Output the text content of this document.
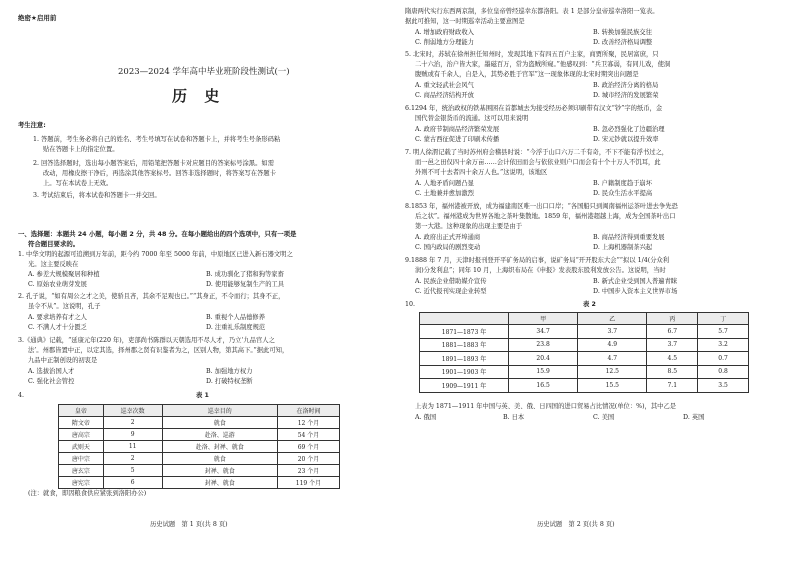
绝密★启用前
2023—2024 学年高中毕业班阶段性测试(一)
历 史
考生注意:
1. 答题前，考生务必将自己的姓名、考生号填写在试卷和答题卡上，并将考生号条形码粘
贴在答题卡上的指定位置。
2. 回答选择题时，选出每小题答案后，用铅笔把答题卡对应题目的答案标号涂黑。如需
改动，用橡皮擦干净后，再选涂其他答案标号。回答非选择题时，将答案写在答题卡
上。写在本试卷上无效。
3. 考试结束后，将本试卷和答题卡一并交回。
一、选择题：本题共 24 小题，每小题 2 分，共 48 分。在每小题给出的四个选项中，只有一项是
符合题目要求的。
1. 中华文明的起源可追溯到万年前，距今约 7000 年至 5000 年前，中原地区已进入新石器文明之
光。这主要反映在
A. 参差大规模聚居和种植	B. 成功驯化了猪和狗等家畜
C. 原始农业萌芽发展	D. 使用能够复制生产的工具
2. 孔子说，“如有周公之才之美，使骄且吝，其余不足观也已。”“其身正，不令而行；其身不正，
虽令不从”。这说明，孔子
A. 要求培养有才之人	B. 重视个人品德修养
C. 不满人才十分匮乏	D. 注重礼乐制度规范
3.《通典》记载，“延康元年(220 年)，吏部尚书陈群以天朝选用不尽人才，乃立‘九品官人之
法’。州郡皆置中正，以定其选，择州郡之贤有识鉴者为之，区别人物，第其高下。”据此可知，
九品中正制创设的初衷是
A. 选拔治国人才	B. 加强地方权力
C. 强化社会管控	D. 打破特权垄断
4.	表 1
皇帝	巡幸次数	巡幸目的	在洛时间
隋文帝	2	就食	12 个月
唐高宗	9	赴洛、巡游	54 个月
武则天	11	赴洛、封禅、就食	69 个月
唐中宗	2	就食	20 个月
唐玄宗	5	封禅、就食	23 个月
唐宪宗	6	封禅、就食	119 个月
(注：就食，即因粮食供应紧张到洛阳办公)
历史试题　第 1 页(共 8 页)
隋唐两代实行东西两京制，多位皇帝曾经巡幸东都洛阳。表 1 是部分皇帝巡幸洛阳一览表。
据此可推知，这一时期巡幸活动主要意图是
A. 增加政府财政收入	B. 转换加强民族交往
C. 削弱地方分理能力	D. 改善经济格局调整
5. 北宋时，苏轼在徐州担任知州时，发现其地下有四五百户主家，商贾所聚，民居富庶，只
二十六治，治户皆大家，墨磁百万，常为盗贼所窥。”他感叹到：“兵卫寡弱，有同儿戏，使洞
腹贼或有千余人，自是入，其势必胜于官军”这一现象体现的北宋时期突出问题是
A. 重文轻武社会风气	B. 政治经济分离的格局
C. 商品经济结构开放	D. 城市经济的发展繁荣
6.1294 年，统治政权的铁基围困在首都城去为接受经历必须印刷带有汉文“钞”字的纸币，金
国代替金银货币的流通。这可以用来说明
A. 政府节制商品经济繁荣发展	B. 忽必烈强化了边疆治理
C. 蒙古西征促进了印刷术传播	D. 宋元钞就以提升效率
7. 明人徐渭记载了当时苏州府会稽县时说：“今浮于山口六万二千有奇，不下不能有浮书过之，
而一邑之田仅四十余万亩……会计依田而会与依依业则户口而会有十个十万人不饥耳，此
外则不可十去者四十余万人也。”这说明，该地区
A. 人地矛盾问题凸显	B. 户籍制度趋于崩坏
C. 土地兼并愈加激烈	D. 民众生活水平提高
8.1853 年，福州港被开放，成为福建南区唯一出口口岸；“各国船只到闽南福州运茶叶进去争先恐
后之状”。福州港成为世界各地之茶叶集散地。1859 年，福州港超越上海，成为全国茶叶出口
第一大港。这种现象的出现主要是由于
A. 政府出正式开埠通商	B. 商品经济得到重要发展
C. 国内政局的剧烈变动	D. 上海机器制茶兴起
9.1888 年 7 月，天津时报刊登开平矿务局的启事，说矿务局“开开股东大会”“拟以 1/4(分众利
润)分发利息”；同年 10 月，上海织布局在《申报》发表股东股利发放公告。这说明，当时
A. 民族企业借助媒介宣传	B. 新式企业受到国人普遍青睐
C. 近代报刊实现企业转型	D. 中国步入资本主义世界市场
10.	表 2
	甲	乙	丙	丁
1871—1873 年	34.7	3.7	6.7	5.7
1881—1883 年	23.8	4.9	3.7	3.2
1891—1893 年	20.4	4.7	4.5	0.7
1901—1903 年	15.9	12.5	8.5	0.8
1909—1911 年	16.5	15.5	7.1	3.5
上表为 1871—1911 年中国与英、美、俄、日四国的进口贸易占比情况(单位：%)，其中乙是
A. 俄国	B. 日本	C. 美国	D. 英国
历史试题　第 2 页(共 8 页)
